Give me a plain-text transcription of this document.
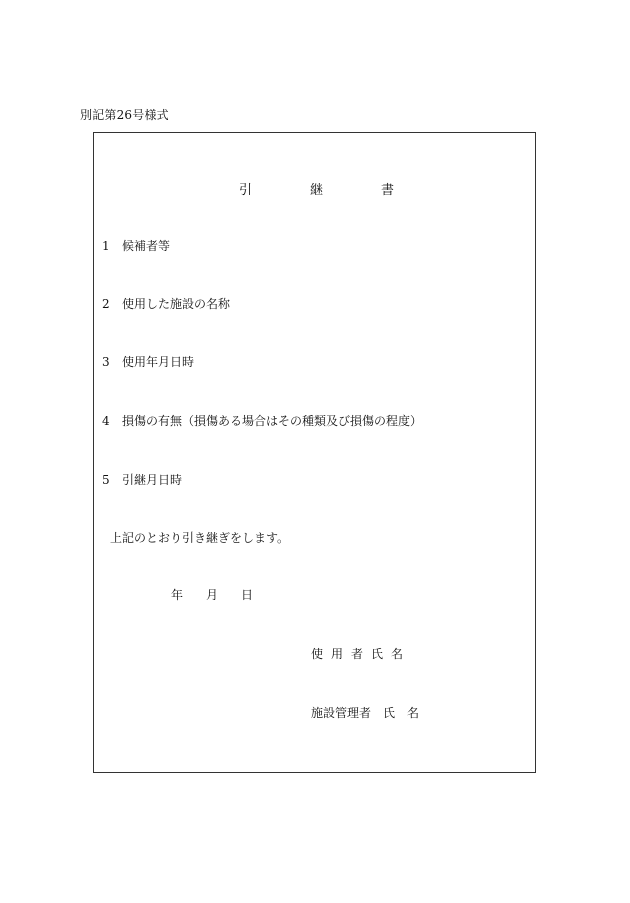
別記第26号様式
引	継	書
1 候補者等
2 使用した施設の名称
3 使用年月日時
4 損傷の有無（損傷ある場合はその種類及び損傷の程度）
5 引継月日時
上記のとおり引き継ぎをします。
年 月 日
使用者氏名
施設管理者　氏　名
